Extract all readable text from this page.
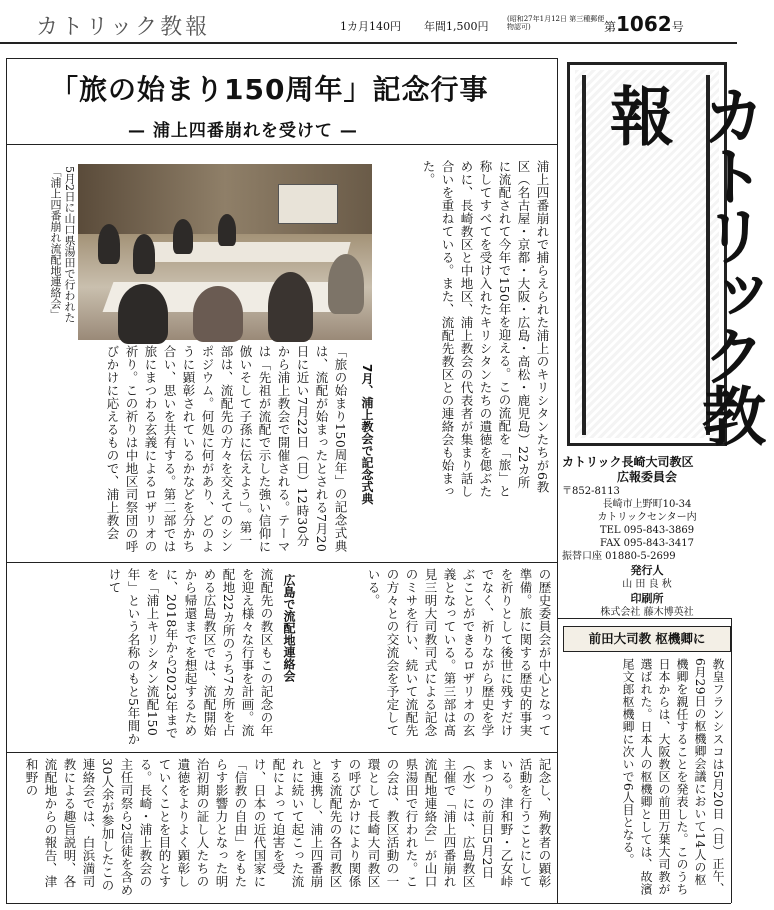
カトリック教報	1カ月140円 年間1,500円
(昭和27年1月12日 第三種郵便物認可)	第1062号
「旅の始まり150周年」記念行事
— 浦上四番崩れを受けて —
5月2日に山口県湯田で行われた
「浦上四番崩れ流配地連絡会」	浦上四番崩れで捕らえられた浦上のキリシタンたちが6教区（名古屋・京都・大阪・広島・高松・鹿児島）22カ所に流配されて今年で150年を迎える。この流配を「旅」と称してすべてを受け入れたキリシタンたちの遺徳を偲ぶために、長崎教区と中地区、浦上教会の代表者が集まり話し合いを重ねている。また、流配先教区との連絡会も始まった。
7月、浦上教会で記念式典
「旅の始まり150周年」の記念式典は、流配が始まったとされる7月20日に近い7月22日（日）12時30分から浦上教会で開催される。テーマは「先祖が流配で示した強い信仰に倣いそして子孫に伝えよう」。第一部は、流配先の方々を交えてのシンポジウム。何処に何があり、どのように顕彰されているかなどを分かち合い、思いを共有する。第二部では旅にまつわる玄義によるロザリオの祈り。この祈りは中地区司祭団の呼びかけに応えるもので、浦上教会
の歴史委員会が中心となって準備。旅に関する歴史的事実を祈りとして後世に残すだけでなく、祈りながら歴史を学ぶことができるロザリオの玄義となっている。第三部は髙見三明大司教司式による記念のミサを行い、続いて流配先の方々との交流会を予定している。
広島で流配地連絡会
流配先の教区もこの記念の年を迎え様々な行事を計画。流配地22カ所のうち7カ所を占める広島教区では、流配開始から帰還までを想起するために、2018年から2023年までを「浦上キリシタン流配150年」という名称のもと5年間かけて
記念し、殉教者の顕彰活動を行うことにしている。津和野・乙女峠まつりの前日5月2日（水）には、広島教区主催で「浦上四番崩れ流配地連絡会」が山口県湯田で行われた。この会は、教区活動の一環として長崎大司教区の呼びかけにより関係する流配先の各司教区と連携し、浦上四番崩れに続いて起こった流配によって迫害を受け、日本の近代国家に「信教の自由」をもたらす影響力となった明治初期の証し人たちの遺徳をよりよく顕彰していくことを目的とする。長崎・浦上教会の主任司祭ら2信徒を含め30人余が参加したこの連絡会では、白浜満司教による趣旨説明、各流配地からの報告、津和野の
カトリック教報
カトリック長崎大司教区
広報委員会
〒852-8113
長崎市上野町10-34
カトリックセンター内
TEL 095-843-3869
FAX 095-843-3417
振替口座 01880-5-2699
発行人
山 田 良 秋
印刷所
株式会社 藤木博英社
前田大司教 枢機卿に
教皇フランシスコは5月20日（日）正午、6月29日の枢機卿会議において14人の枢機卿を親任することを発表した。このうち日本からは、大阪教区の前田万葉大司教が選ばれた。日本人の枢機卿としては、故濱尾文郎枢機卿に次いで6人目となる。
